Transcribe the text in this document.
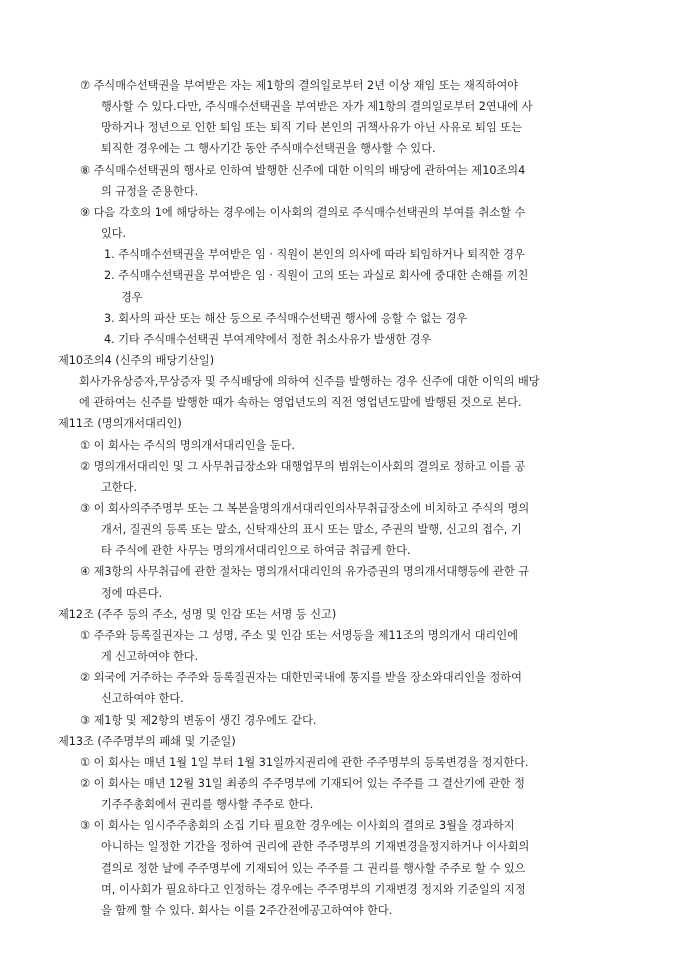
⑦ 주식매수선택권을 부여받은 자는 제1항의 결의일로부터 2년 이상 재임 또는 재직하여야
행사할 수 있다.다만, 주식매수선택권을 부여받은 자가 제1항의 결의일로부터 2연내에 사
망하거나 정년으로 인한 퇴임 또는 퇴직 기타 본인의 귀책사유가 아닌 사유로 퇴임 또는
퇴직한 경우에는 그 행사기간 동안 주식매수선택권을 행사할 수 있다.
⑧ 주식매수선택권의 행사로 인하여 발행한 신주에 대한 이익의 배당에 관하여는 제10조의4
의 규정을 준용한다.
⑨ 다음 각호의 1에 해당하는 경우에는 이사회의 결의로 주식매수선택권의 부여를 취소할 수
있다.
1. 주식매수선택권을 부여받은 임 · 직원이 본인의 의사에 따라 퇴임하거나 퇴직한 경우
2. 주식매수선택권을 부여받은 임 · 직원이 고의 또는 과실로 회사에 중대한 손해를 끼친
경우
3. 회사의 파산 또는 해산 등으로 주식매수선택권 행사에 응할 수 없는 경우
4. 기타 주식매수선택권 부여계약에서 정한 취소사유가 발생한 경우
제10조의4 (신주의 배당기산일)
회사가유상증자,무상증자 및 주식배당에 의하여 신주를 발행하는 경우 신주에 대한 이익의 배당
에 관하여는 신주를 발행한 때가 속하는 영업년도의 직전 영업년도말에 발행된 것으로 본다.
제11조 (명의개서대리인)
① 이 회사는 주식의 명의개서대리인을 둔다.
② 명의개서대리인 및 그 사무취급장소와 대행업무의 범위는이사회의 결의로 정하고 이를 공
고한다.
③ 이 회사의주주명부 또는 그 복본을명의개서대리인의사무취급장소에 비치하고 주식의 명의
개서, 질권의 등록 또는 말소, 신탁재산의 표시 또는 말소, 주권의 발행, 신고의 접수, 기
타 주식에 관한 사무는 명의개서대리인으로 하여금 취급케 한다.
④ 제3항의 사무취급에 관한 절차는 명의개서대리인의 유가증권의 명의개서대행등에 관한 규
정에 따른다.
제12조 (주주 등의 주소, 성명 및 인감 또는 서명 등 신고)
① 주주와 등록질권자는 그 성명, 주소 및 인감 또는 서명등을 제11조의 명의개서 대리인에
게 신고하여야 한다.
② 외국에 거주하는 주주와 등록질권자는 대한민국내에 통지를 받을 장소와대리인을 정하여
신고하여야 한다.
③ 제1항 및 제2항의 변동이 생긴 경우에도 같다.
제13조 (주주명부의 폐쇄 및 기준일)
① 이 회사는 매년 1월 1일 부터 1월 31일까지권리에 관한 주주명부의 등록변경을 정지한다.
② 이 회사는 매년 12월 31일 최종의 주주명부에 기재되어 있는 주주를 그 결산기에 관한 정
기주주총회에서 권리를 행사할 주주로 한다.
③ 이 회사는 임시주주총회의 소집 기타 필요한 경우에는 이사회의 결의로 3월을 경과하지
아니하는 일정한 기간을 정하여 권리에 관한 주주명부의 기재변경을정지하거나 이사회의
결의로 정한 날에 주주명부에 기재되어 있는 주주를 그 권리를 행사할 주주로 할 수 있으
며, 이사회가 필요하다고 인정하는 경우에는 주주명부의 기재변경 정지와 기준일의 지정
을 함께 할 수 있다. 회사는 이를 2주간전에공고하여야 한다.
